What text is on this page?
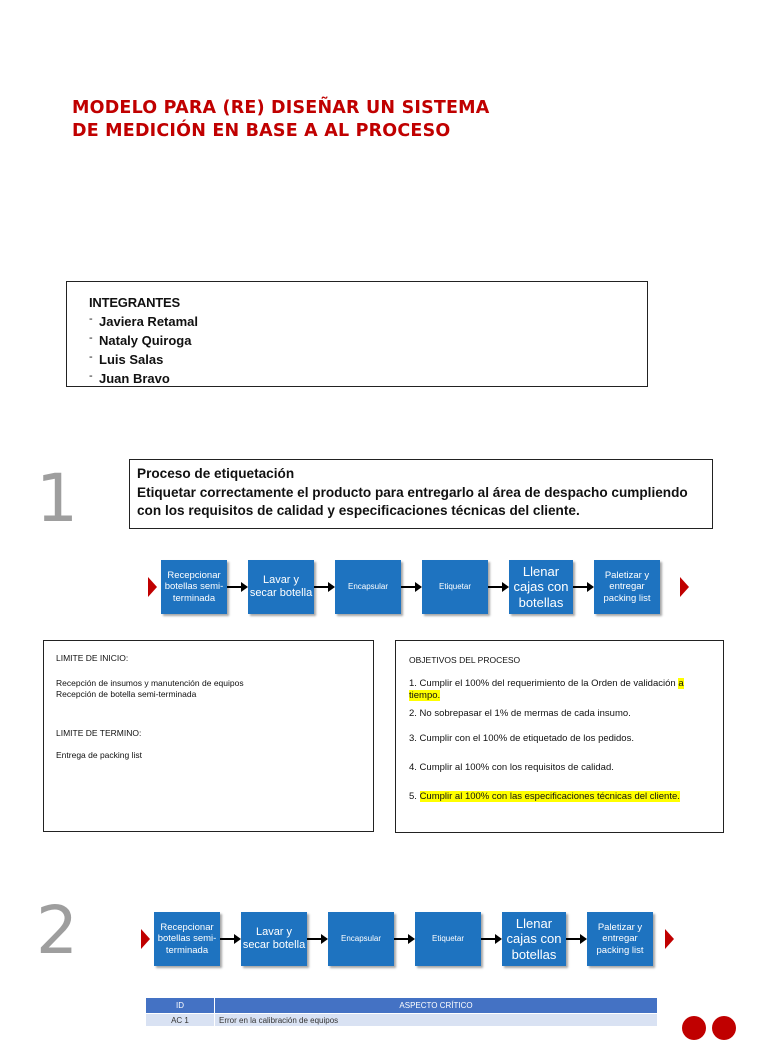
MODELO PARA (RE) DISEÑAR UN SISTEMA
DE MEDICIÓN EN BASE A AL PROCESO
INTEGRANTES
- Javiera Retamal
- Nataly Quiroga
- Luis Salas
- Juan Bravo
1	Proceso de etiquetación
Etiquetar correctamente el producto para entregarlo al área de despacho cumpliendo con los requisitos de calidad y especificaciones técnicas del cliente.
Recepcionar botellas semi-terminada
Lavar y secar botella
Encapsular	Etiquetar
Llenar cajas con botellas
Paletizar y entregar packing list

LIMITE DE INICIO:

Recepción de insumos y manutención de equipos

Recepción de botella semi-terminada

LIMITE DE TERMINO:

Entrega de packing list

OBJETIVOS DEL PROCESO

1. Cumplir el 100% del requerimiento de la Orden de validación a tiempo.

2. No sobrepasar el 1% de mermas de cada insumo.

3. Cumplir con el 100% de etiquetado de los pedidos.

4. Cumplir al 100% con los requisitos de calidad.

5. Cumplir al 100% con las especificaciones técnicas del cliente.

2	Recepcionar botellas semi-terminada
Lavar y secar botella
Encapsular	Etiquetar
Llenar cajas con botellas
Paletizar y entregar packing list
ID	ASPECTO CRÍTICO
AC 1	Error en la calibración de equipos
